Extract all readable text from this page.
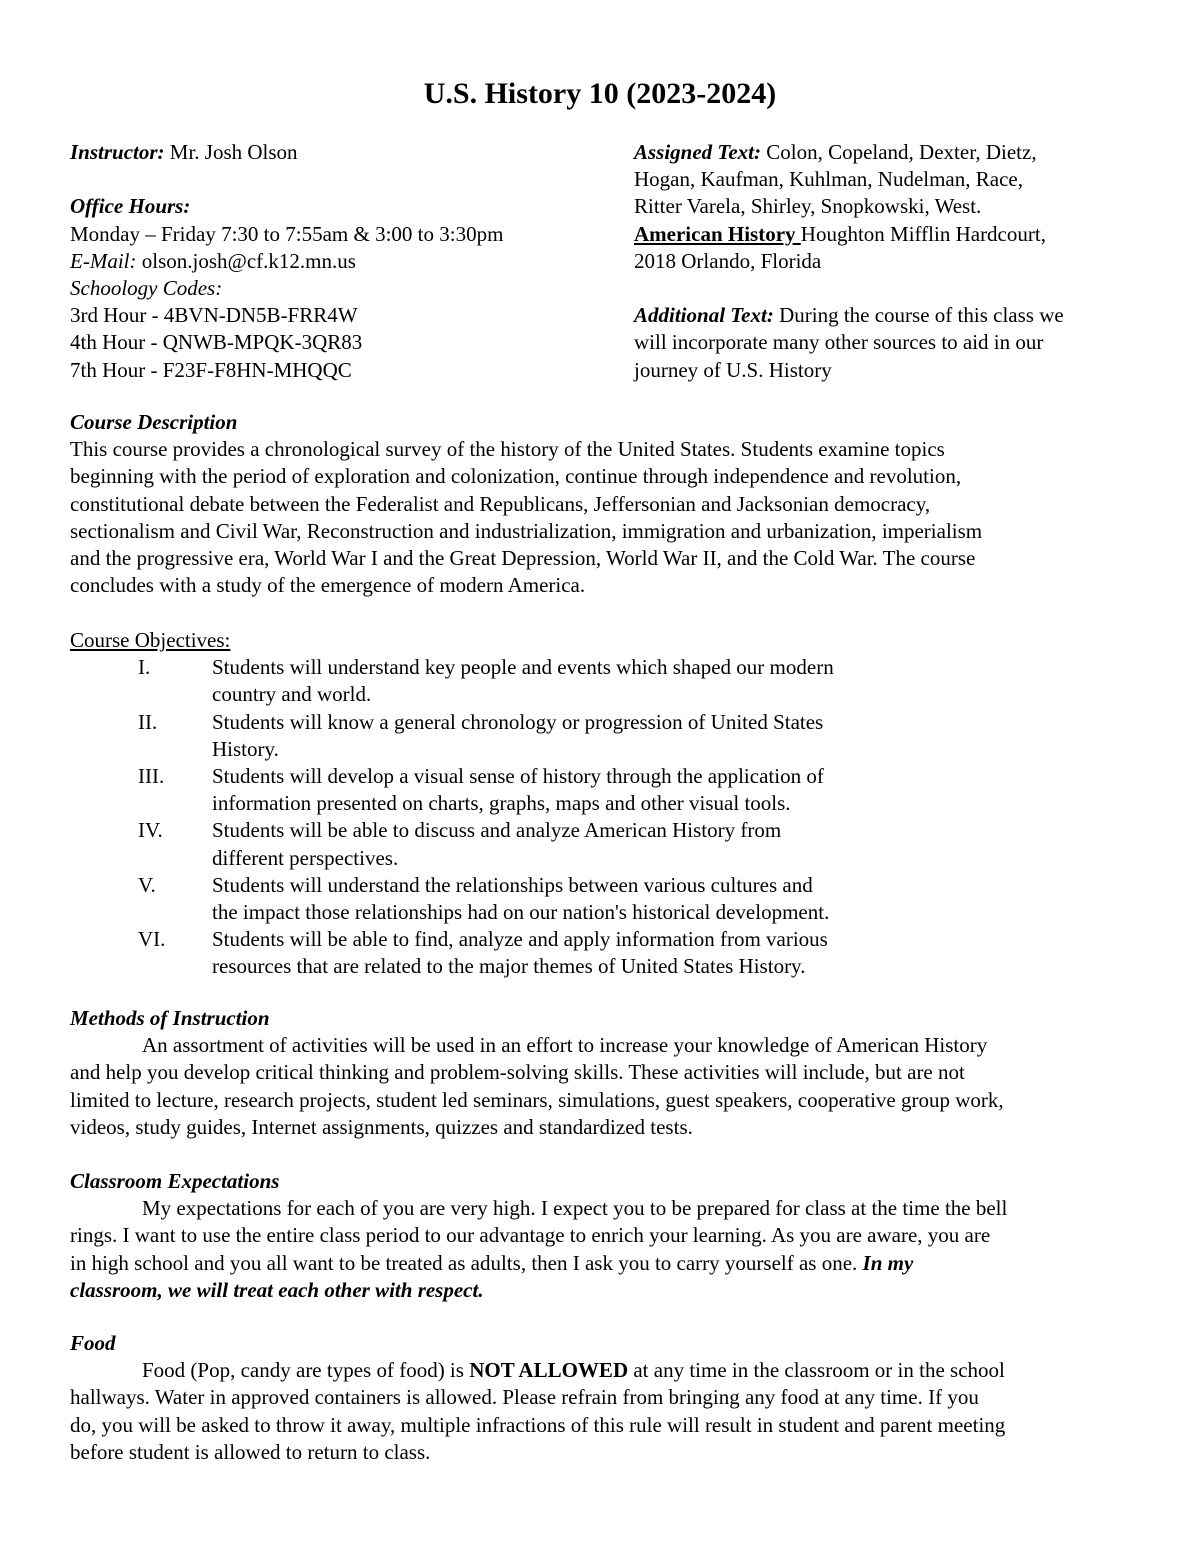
U.S. History 10 (2023-2024)
Instructor: Mr. Josh Olson
Office Hours:
Monday – Friday 7:30 to 7:55am & 3:00 to 3:30pm
E-Mail: olson.josh@cf.k12.mn.us
Schoology Codes:
3rd Hour - 4BVN-DN5B-FRR4W
4th Hour - QNWB-MPQK-3QR83
7th Hour - F23F-F8HN-MHQQC
Assigned Text: Colon, Copeland, Dexter, Dietz,
Hogan, Kaufman, Kuhlman, Nudelman, Race,
Ritter Varela, Shirley, Snopkowski, West.
American History Houghton Mifflin Hardcourt,
2018 Orlando, Florida
Additional Text: During the course of this class we
will incorporate many other sources to aid in our
journey of U.S. History
Course Description
This course provides a chronological survey of the history of the United States. Students examine topics
beginning with the period of exploration and colonization, continue through independence and revolution,
constitutional debate between the Federalist and Republicans, Jeffersonian and Jacksonian democracy,
sectionalism and Civil War, Reconstruction and industrialization, immigration and urbanization, imperialism
and the progressive era, World War I and the Great Depression, World War II, and the Cold War. The course
concludes with a study of the emergence of modern America.
Course Objectives:
I.	Students will understand key people and events which shaped our modern
country and world.
II.	Students will know a general chronology or progression of United States
History.
III.	Students will develop a visual sense of history through the application of
information presented on charts, graphs, maps and other visual tools.
IV.	Students will be able to discuss and analyze American History from
different perspectives.
V.	Students will understand the relationships between various cultures and
the impact those relationships had on our nation's historical development.
VI.	Students will be able to find, analyze and apply information from various
resources that are related to the major themes of United States History.
Methods of Instruction
An assortment of activities will be used in an effort to increase your knowledge of American History
and help you develop critical thinking and problem-solving skills. These activities will include, but are not
limited to lecture, research projects, student led seminars, simulations, guest speakers, cooperative group work,
videos, study guides, Internet assignments, quizzes and standardized tests.
Classroom Expectations
My expectations for each of you are very high. I expect you to be prepared for class at the time the bell
rings. I want to use the entire class period to our advantage to enrich your learning. As you are aware, you are
in high school and you all want to be treated as adults, then I ask you to carry yourself as one. In my
classroom, we will treat each other with respect.
Food
Food (Pop, candy are types of food) is NOT ALLOWED at any time in the classroom or in the school
hallways. Water in approved containers is allowed. Please refrain from bringing any food at any time. If you
do, you will be asked to throw it away, multiple infractions of this rule will result in student and parent meeting
before student is allowed to return to class.
